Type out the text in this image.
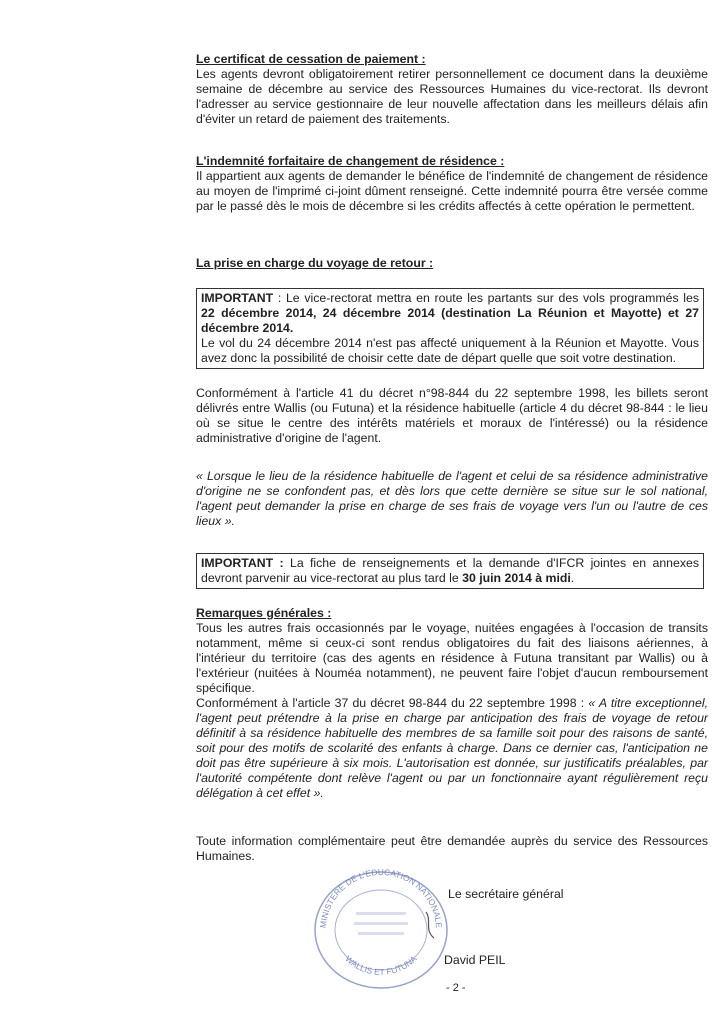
Le certificat de cessation de paiement :
Les agents devront obligatoirement retirer personnellement ce document dans la deuxième semaine de décembre au service des Ressources Humaines du vice-rectorat. Ils devront l'adresser au service gestionnaire de leur nouvelle affectation dans les meilleurs délais afin d'éviter un retard de paiement des traitements.
L'indemnité forfaitaire de changement de résidence :
Il appartient aux agents de demander le bénéfice de l'indemnité de changement de résidence au moyen de l'imprimé ci-joint dûment renseigné. Cette indemnité pourra être versée comme par le passé dès le mois de décembre si les crédits affectés à cette opération le permettent.
La prise en charge du voyage de retour :
IMPORTANT : Le vice-rectorat mettra en route les partants sur des vols programmés les 22 décembre 2014, 24 décembre 2014 (destination La Réunion et Mayotte) et 27 décembre 2014.
Le vol du 24 décembre 2014 n'est pas affecté uniquement à la Réunion et Mayotte. Vous avez donc la possibilité de choisir cette date de départ quelle que soit votre destination.
Conformément à l'article 41 du décret n°98-844 du 22 septembre 1998, les billets seront délivrés entre Wallis (ou Futuna) et la résidence habituelle (article 4 du décret 98-844 : le lieu où se situe le centre des intérêts matériels et moraux de l'intéressé) ou la résidence administrative d'origine de l'agent.
« Lorsque le lieu de la résidence habituelle de l'agent et celui de sa résidence administrative d'origine ne se confondent pas, et dès lors que cette dernière se situe sur le sol national, l'agent peut demander la prise en charge de ses frais de voyage vers l'un ou l'autre de ces lieux ».
IMPORTANT : La fiche de renseignements et la demande d'IFCR jointes en annexes devront parvenir au vice-rectorat au plus tard le 30 juin 2014 à midi.
Remarques générales :
Tous les autres frais occasionnés par le voyage, nuitées engagées à l'occasion de transits notamment, même si ceux-ci sont rendus obligatoires du fait des liaisons aériennes, à l'intérieur du territoire (cas des agents en résidence à Futuna transitant par Wallis) ou à l'extérieur (nuitées à Nouméa notamment), ne peuvent faire l'objet d'aucun remboursement spécifique.
Conformément à l'article 37 du décret 98-844 du 22 septembre 1998 : « A titre exceptionnel, l'agent peut prétendre à la prise en charge par anticipation des frais de voyage de retour définitif à sa résidence habituelle des membres de sa famille soit pour des raisons de santé, soit pour des motifs de scolarité des enfants à charge. Dans ce dernier cas, l'anticipation ne doit pas être supérieure à six mois. L'autorisation est donnée, sur justificatifs préalables, par l'autorité compétente dont relève l'agent ou par un fonctionnaire ayant régulièrement reçu délégation à cet effet ».
Toute information complémentaire peut être demandée auprès du service des Ressources Humaines.
MINISTERE DE L'EDUCATION NATIONALE
WALLIS ET FUTUNA
Le secrétaire général
David PEIL
- 2 -
